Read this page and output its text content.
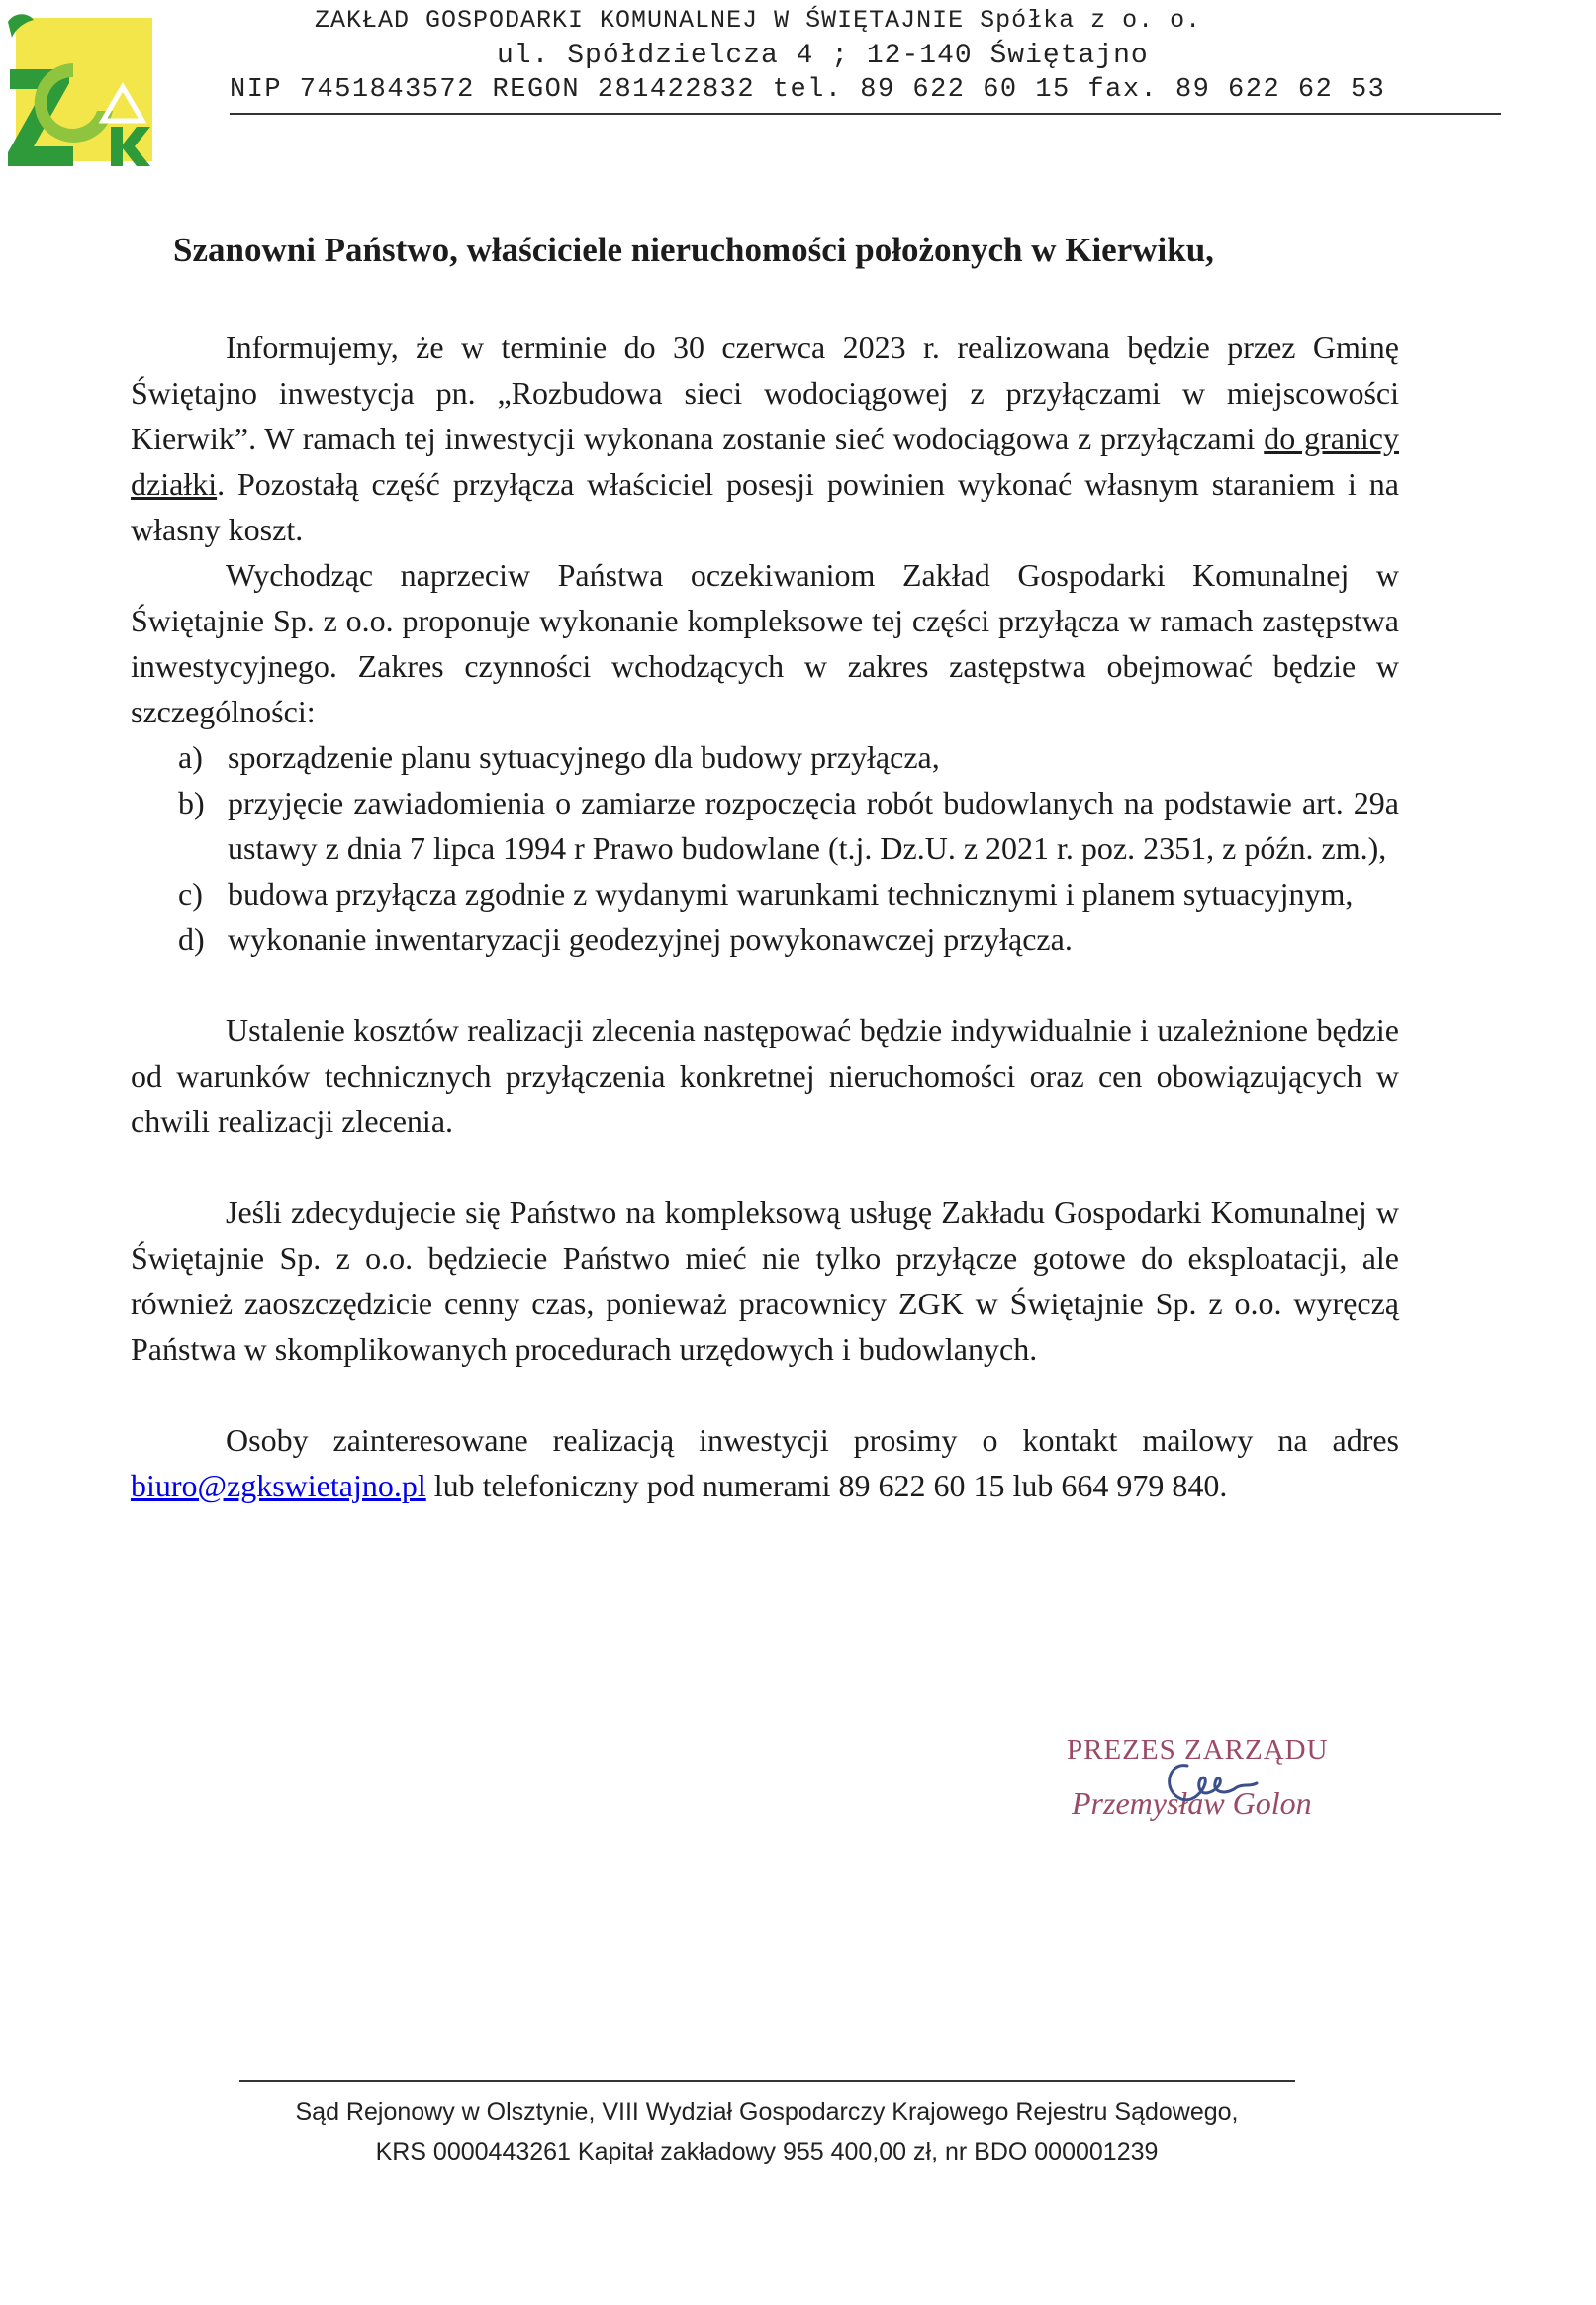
ZAKŁAD GOSPODARKI KOMUNALNEJ W ŚWIĘTAJNIE Spółka z o. o.
ul. Spółdzielcza 4 ; 12-140 Świętajno
NIP 7451843572 REGON 281422832 tel. 89 622 60 15 fax. 89 622 62 53
Szanowni Państwo, właściciele nieruchomości położonych w Kierwiku,

Informujemy, że w terminie do 30 czerwca 2023 r. realizowana będzie przez Gminę Świętajno inwestycja pn. „Rozbudowa sieci wodociągowej z przyłączami w miejscowości Kierwik”. W ramach tej inwestycji wykonana zostanie sieć wodociągowa z przyłączami do granicy działki. Pozostałą część przyłącza właściciel posesji powinien wykonać własnym staraniem i na własny koszt.

Wychodząc naprzeciw Państwa oczekiwaniom Zakład Gospodarki Komunalnej w Świętajnie Sp. z o.o. proponuje wykonanie kompleksowe tej części przyłącza w ramach zastępstwa inwestycyjnego. Zakres czynności wchodzących w zakres zastępstwa obejmować będzie w szczególności:

a) sporządzenie planu sytuacyjnego dla budowy przyłącza,
b) przyjęcie zawiadomienia o zamiarze rozpoczęcia robót budowlanych na podstawie art. 29a ustawy z dnia 7 lipca 1994 r Prawo budowlane (t.j. Dz.U. z 2021 r. poz. 2351, z późn. zm.),
c) budowa przyłącza zgodnie z wydanymi warunkami technicznymi i planem sytuacyjnym,
d) wykonanie inwentaryzacji geodezyjnej powykonawczej przyłącza.

Ustalenie kosztów realizacji zlecenia następować będzie indywidualnie i uzależnione będzie od warunków technicznych przyłączenia konkretnej nieruchomości oraz cen obowiązujących w chwili realizacji zlecenia.

Jeśli zdecydujecie się Państwo na kompleksową usługę Zakładu Gospodarki Komunalnej w Świętajnie Sp. z o.o. będziecie Państwo mieć nie tylko przyłącze gotowe do eksploatacji, ale również zaoszczędzicie cenny czas, ponieważ pracownicy ZGK w Świętajnie Sp. z o.o. wyręczą Państwa w skomplikowanych procedurach urzędowych i budowlanych.

Osoby zainteresowane realizacją inwestycji prosimy o kontakt mailowy na adres biuro@zgkswietajno.pl lub telefoniczny pod numerami 89 622 60 15 lub 664 979 840.

PREZES ZARZĄDU
Przemysław Golon
Sąd Rejonowy w Olsztynie, VIII Wydział Gospodarczy Krajowego Rejestru Sądowego,
KRS 0000443261 Kapitał zakładowy 955 400,00 zł, nr BDO 000001239
